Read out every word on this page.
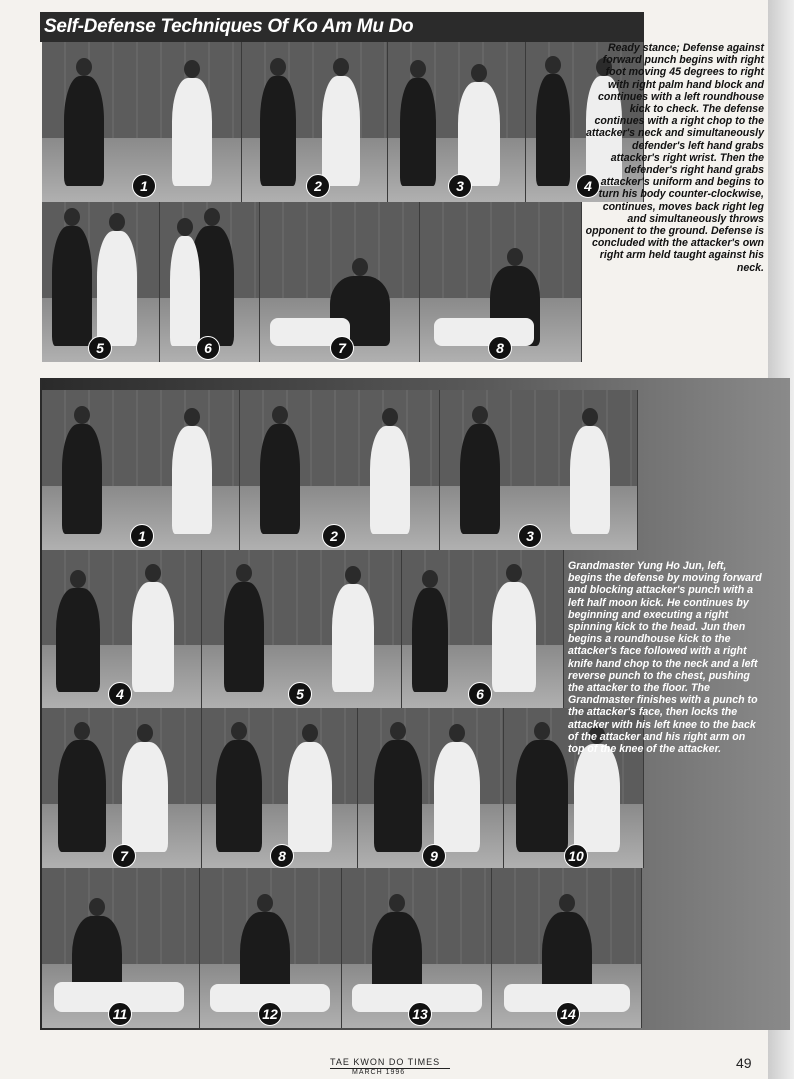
Self-Defense Techniques Of Ko Am Mu Do
1	2	3	4
5	6	7	8
Ready stance; Defense against forward punch begins with right foot moving 45 degrees to right with right palm hand block and continues with a left roundhouse kick to check. The defense continues with a right chop to the attacker's neck and simultaneously defender's left hand grabs attacker's right wrist. Then the defender's right hand grabs attacker's uniform and begins to turn his body counter-clockwise, continues, moves back right leg and simultaneously throws opponent to the ground. Defense is concluded with the attacker's own right arm held taught against his neck.
1	2	3
4	5	6
7	8	9	10
11	12	13	14
Grandmaster Yung Ho Jun, left, begins the defense by moving forward and blocking attacker's punch with a left half moon kick. He continues by beginning and executing a right spinning kick to the head. Jun then begins a roundhouse kick to the attacker's face followed with a right knife hand chop to the neck and a left reverse punch to the chest, pushing the attacker to the floor. The Grandmaster finishes with a punch to the attacker's face, then locks the attacker with his left knee to the back of the attacker and his right arm on top of the knee of the attacker.
TAE KWON DO TIMES
MARCH 1996
49
